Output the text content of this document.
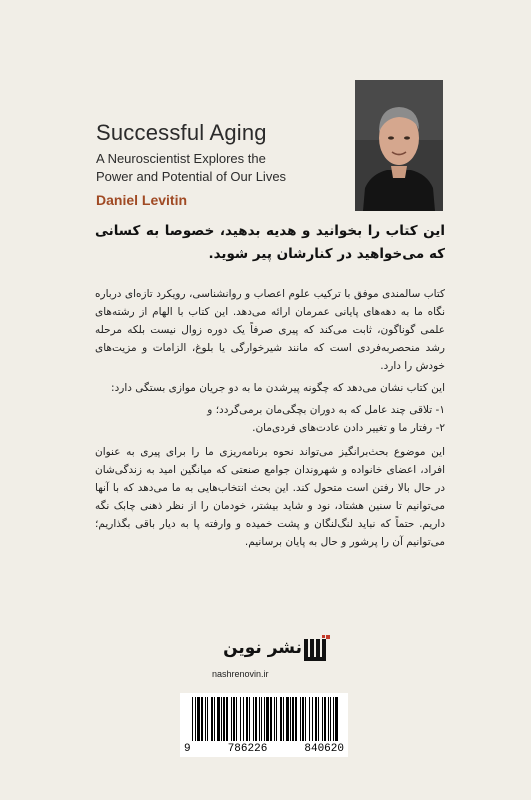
Successful Aging
A Neuroscientist Explores the
Power and Potential of Our Lives
Daniel Levitin
این کتاب را بخوانید و هدیه بدهید، خصوصا به کسانی که می‌خواهید در کنارشان پیر شوید.

کتاب سالمندی موفق با ترکیب علوم اعصاب و روانشناسی، رویکرد تازه‌ای درباره نگاه ما به دهه‌های پایانی عمرمان ارائه می‌دهد. این کتاب با الهام از رشته‌های علمی گوناگون، ثابت می‌کند که پیری صرفاً یک دوره زوال نیست بلکه مرحله رشد منحصربه‌فردی است که مانند شیرخوارگی یا بلوغ، الزامات و مزیت‌های خودش را دارد.

این کتاب نشان می‌دهد که چگونه پیرشدن ما به دو جریان موازی بستگی دارد:

۱- تلاقی چند عامل که به دوران بچگی‌مان برمی‌گردد؛ و
۲- رفتار ما و تغییر دادن عادت‌های فردی‌مان.

این موضوع بحث‌برانگیز می‌تواند نحوه برنامه‌ریزی ما را برای پیری به عنوان افراد، اعضای خانواده و شهروندان جوامع صنعتی که میانگین امید به زندگی‌شان در حال بالا رفتن است متحول کند. این بحث انتخاب‌هایی به ما می‌دهد که با آنها می‌توانیم تا سنین هشتاد، نود و شاید بیشتر، خودمان را از نظر ذهنی چابک نگه داریم. حتماً که نباید لنگ‌لنگان و پشت خمیده و وارفته پا به دیار باقی بگذاریم؛ می‌توانیم آن را پرشور و حال به پایان برسانیم.

نشر نوین
nashrenovin.ir
9	786226	840620
